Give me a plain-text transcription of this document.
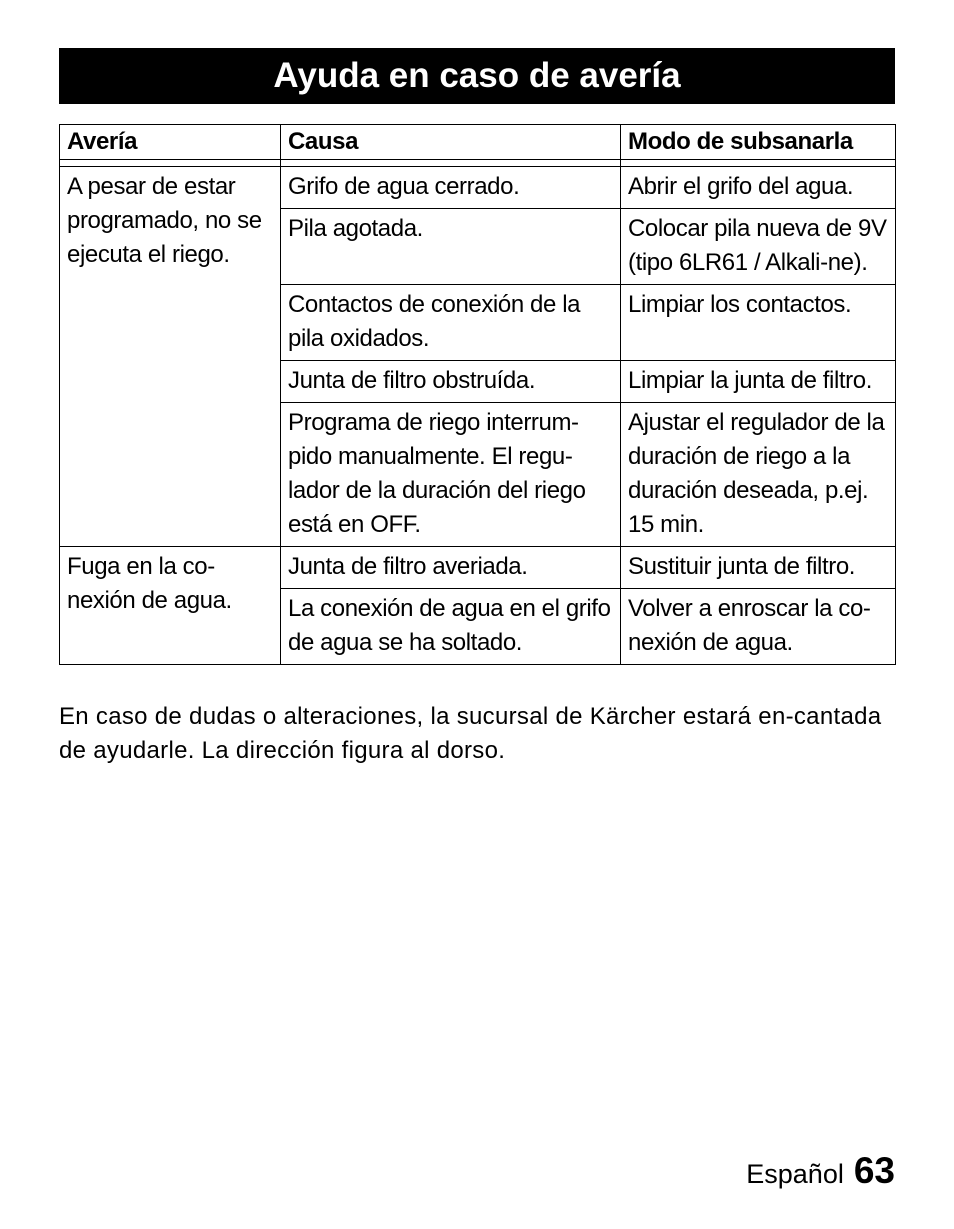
Ayuda en caso de avería
Avería	Causa	Modo de subsanarla

A pesar de estar programado, no se ejecuta el riego.	Grifo de agua cerrado.	Abrir el grifo del agua.
	Pila agotada.	Colocar pila nueva de 9V (tipo 6LR61 / Alkali-ne).
	Contactos de conexión de la pila oxidados.	Limpiar los contactos.
	Junta de filtro obstruída.	Limpiar la junta de filtro.
	Programa de riego interrum-pido manualmente. El regu-lador de la duración del riego está en OFF.	Ajustar el regulador de la duración de riego a la duración deseada, p.ej. 15 min.
Fuga en la co-nexión de agua.	Junta de filtro averiada.	Sustituir junta de filtro.
	La conexión de agua en el grifo de agua se ha soltado.	Volver a enroscar la co-nexión de agua.
En caso de dudas o alteraciones, la sucursal de Kärcher estará en-cantada de ayudarle. La dirección figura al dorso.
Español 63
